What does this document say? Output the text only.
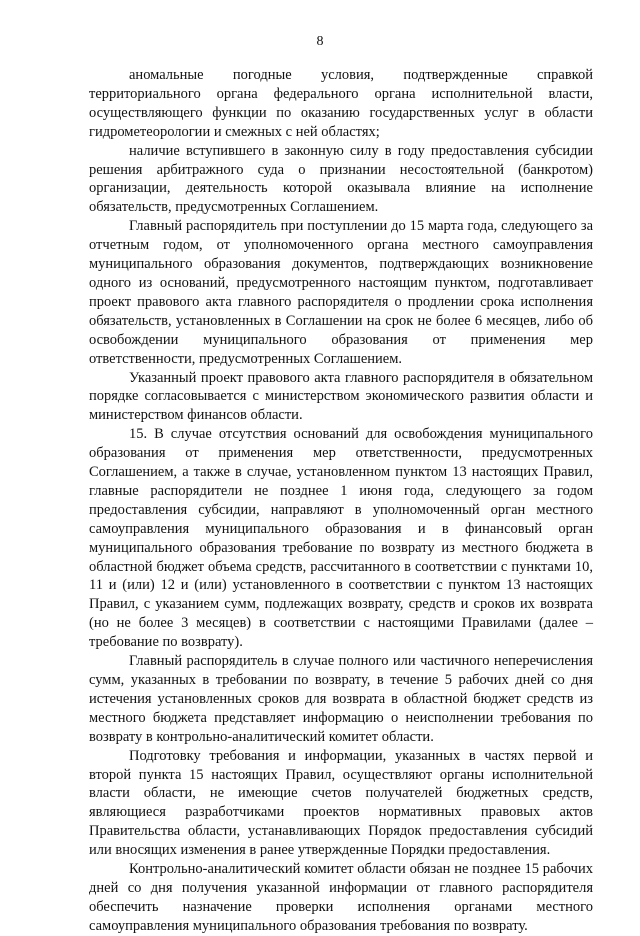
8

аномальные погодные условия, подтвержденные справкой территориального органа федерального органа исполнительной власти, осуществляющего функции по оказанию государственных услуг в области гидрометеорологии и смежных с ней областях;

наличие вступившего в законную силу в году предоставления субсидии решения арбитражного суда о признании несостоятельной (банкротом) организации, деятельность которой оказывала влияние на исполнение обязательств, предусмотренных Соглашением.

Главный распорядитель при поступлении до 15 марта года, следующего за отчетным годом, от уполномоченного органа местного самоуправления муниципального образования документов, подтверждающих возникновение одного из оснований, предусмотренного настоящим пунктом, подготавливает проект правового акта главного распорядителя о продлении срока исполнения обязательств, установленных в Соглашении на срок не более 6 месяцев, либо об освобождении муниципального образования от применения мер ответственности, предусмотренных Соглашением.

Указанный проект правового акта главного распорядителя в обязательном порядке согласовывается с министерством экономического развития области и министерством финансов области.

15. В случае отсутствия оснований для освобождения муниципального образования от применения мер ответственности, предусмотренных Соглашением, а также в случае, установленном пунктом 13 настоящих Правил, главные распорядители не позднее 1 июня года, следующего за годом предоставления субсидии, направляют в уполномоченный орган местного самоуправления муниципального образования и в финансовый орган муниципального образования требование по возврату из местного бюджета в областной бюджет объема средств, рассчитанного в соответствии с пунктами 10, 11 и (или) 12 и (или) установленного в соответствии с пунктом 13 настоящих Правил, с указанием сумм, подлежащих возврату, средств и сроков их возврата (но не более 3 месяцев) в соответствии с настоящими Правилами (далее – требование по возврату).

Главный распорядитель в случае полного или частичного неперечисления сумм, указанных в требовании по возврату, в течение 5 рабочих дней со дня истечения установленных сроков для возврата в областной бюджет средств из местного бюджета представляет информацию о неисполнении требования по возврату в контрольно-аналитический комитет области.

Подготовку требования и информации, указанных в частях первой и второй пункта 15 настоящих Правил, осуществляют органы исполнительной власти области, не имеющие счетов получателей бюджетных средств, являющиеся разработчиками проектов нормативных правовых актов Правительства области, устанавливающих Порядок предоставления субсидий или вносящих изменения в ранее утвержденные Порядки предоставления.

Контрольно-аналитический комитет области обязан не позднее 15 рабочих дней со дня получения указанной информации от главного распорядителя обеспечить назначение проверки исполнения органами местного самоуправления муниципального образования требования по возврату.
